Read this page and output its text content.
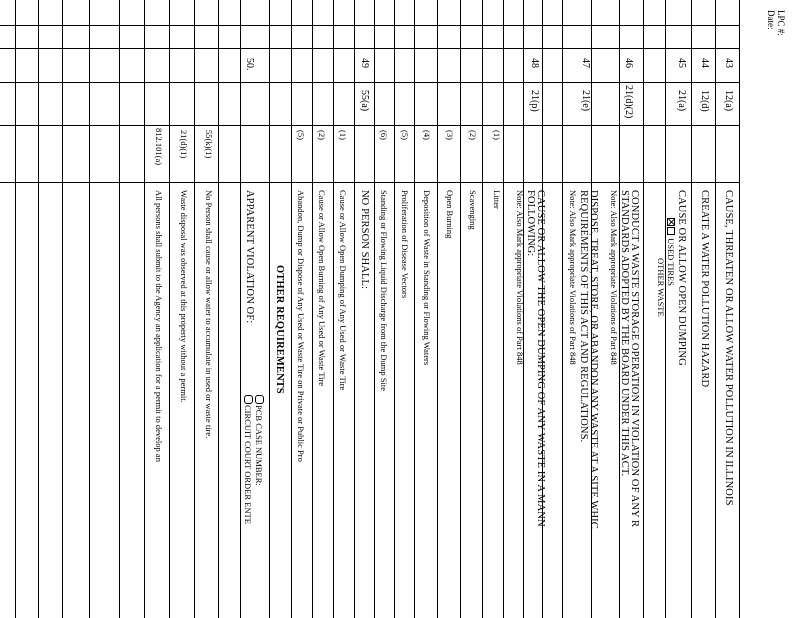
LPC #:
Date:
43
12(a)
CAUSE, THREATEN OR ALLOW WATER POLLUTION IN ILLINOIS
44
12(d)
CREATE A WATER POLLUTION HAZARD
45
21(a)
CAUSE OR ALLOW OPEN DUMPING
USED TIRES
OTHER WASTE
46
21(d)(2)
CONDUCT A WASTE STORAGE OPERATION IN VIOLATION OF ANY R
STANDARDS ADOPTED BY THE BOARD UNDER THIS ACT.
Note: Also Mark appropriate Violations of Part 848
47
21(e)
DISPOSE, TREAT, STORE, OR ABANDON ANY WASTE AT A SITE WHIC
REQUIREMENTS OF THIS ACT AND REGULATIONS.
Note: Also Mark appropriate Violations of Part 848
48
21(p)
CAUSE OR ALLOW THE OPEN DUMPING OF ANY WASTE IN A MANN
FOLLOWING:
Note: Also Mark appropriate Violations of Part 848
(1)
Litter
(2)
Scavenging
(3)
Open Burning
(4)
Deposition of Waste in Standing or Flowing Waters
(5)
Proliferation of Disease Vectors
(6)
Standing or Flowing Liquid Discharge from the Dump Site
49
55(a)
NO PERSON SHALL:
(1)
Cause or Allow Open Dumping of Any Used or Waste Tire
(2)
Cause or Allow Open Burning of Any Used or Waste Tire
(5)
Abandon, Dump or Dispose of Any Used or Waste Tire on Private or Public Pro
OTHER REQUIREMENTS
50.
APPARENT VIOLATION OF:
PCB CASE NUMBER:
CIRCUIT COURT ORDER ENTE
55(k)(1)
No Person shall cause or allow water to accumulate in used or waste tire.
21(d)(1)
Waste disposal was observed at this property without a permit.
812.101(a)
All persons shall submit to the Agency an application for a permit to develop an
